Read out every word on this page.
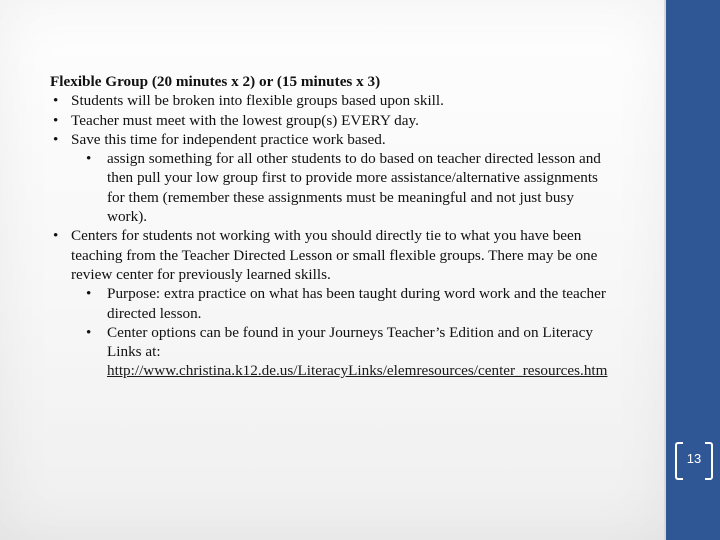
Flexible Group (20 minutes x 2) or (15 minutes x 3)

• Students will be broken into flexible groups based upon skill.
• Teacher must meet with the lowest group(s) EVERY day.
• Save this time for independent practice work based.
• assign something for all other students to do based on teacher directed lesson and then pull your low group first to provide more assistance/alternative assignments for them (remember these assignments must be meaningful and not just busy work).
• Centers for students not working with you should directly tie to what you have been teaching from the Teacher Directed Lesson or small flexible groups. There may be one review center for previously learned skills.
• Purpose: extra practice on what has been taught during word work and the teacher directed lesson.
• Center options can be found in your Journeys Teacher’s Edition and on Literacy Links at:
http://www.christina.k12.de.us/LiteracyLinks/elemresources/center_resources.htm
13
